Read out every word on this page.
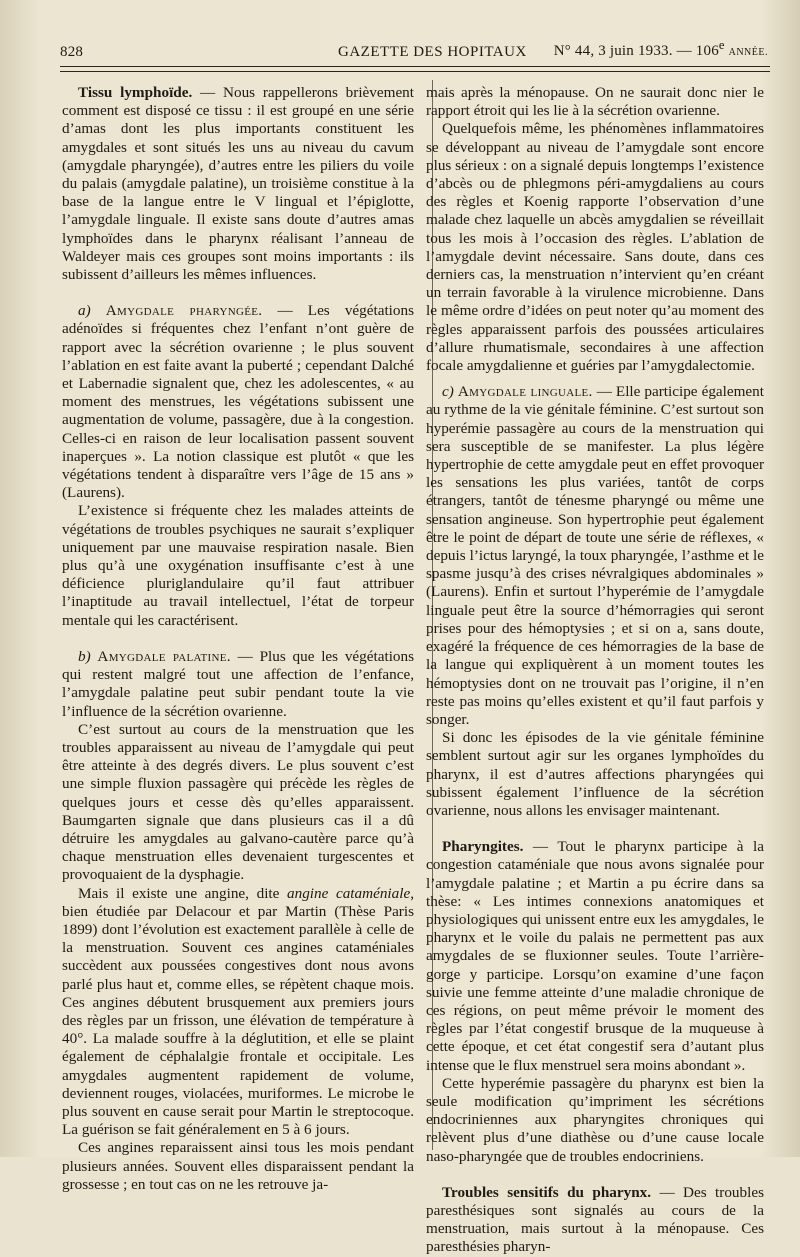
828	GAZETTE DES HOPITAUX N° 44, 3 juin 1933. — 106e ANNÉE.

Tissu lymphoïde. — Nous rappellerons brièvement comment est disposé ce tissu : il est groupé en une série d’amas dont les plus importants constituent les amygdales et sont situés les uns au niveau du cavum (amygdale pharyngée), d’autres entre les piliers du voile du palais (amygdale palatine), un troisième constitue à la base de la langue entre le V lingual et l’épiglotte, l’amygdale linguale. Il existe sans doute d’autres amas lymphoïdes dans le pharynx réalisant l’anneau de Waldeyer mais ces groupes sont moins importants : ils subissent d’ailleurs les mêmes influences.

a) Amygdale pharyngée. — Les végétations adénoïdes si fréquentes chez l’enfant n’ont guère de rapport avec la sécrétion ovarienne ; le plus souvent l’ablation en est faite avant la puberté ; cependant Dalché et Labernadie signalent que, chez les adolescentes, « au moment des menstrues, les végétations subissent une augmentation de volume, passagère, due à la congestion. Celles-ci en raison de leur localisation passent souvent inaperçues ». La notion classique est plutôt « que les végétations tendent à disparaître vers l’âge de 15 ans » (Laurens).

L’existence si fréquente chez les malades atteints de végétations de troubles psychiques ne saurait s’expliquer uniquement par une mauvaise respiration nasale. Bien plus qu’à une oxygénation insuffisante c’est à une déficience pluriglandulaire qu’il faut attribuer l’inaptitude au travail intellectuel, l’état de torpeur mentale qui les caractérisent.

b) Amygdale palatine. — Plus que les végétations qui restent malgré tout une affection de l’enfance, l’amygdale palatine peut subir pendant toute la vie l’influence de la sécrétion ovarienne.

C’est surtout au cours de la menstruation que les troubles apparaissent au niveau de l’amygdale qui peut être atteinte à des degrés divers. Le plus souvent c’est une simple fluxion passagère qui précède les règles de quelques jours et cesse dès qu’elles apparaissent. Baumgarten signale que dans plusieurs cas il a dû détruire les amygdales au galvano-cautère parce qu’à chaque menstruation elles devenaient turgescentes et provoquaient de la dysphagie.

Mais il existe une angine, dite angine cataméniale, bien étudiée par Delacour et par Martin (Thèse Paris 1899) dont l’évolution est exactement parallèle à celle de la menstruation. Souvent ces angines cataméniales succèdent aux poussées congestives dont nous avons parlé plus haut et, comme elles, se répètent chaque mois. Ces angines débutent brusquement aux premiers jours des règles par un frisson, une élévation de température à 40°. La malade souffre à la déglutition, et elle se plaint également de céphalalgie frontale et occipitale. Les amygdales augmentent rapidement de volume, deviennent rouges, violacées, muriformes. Le microbe le plus souvent en cause serait pour Martin le streptocoque. La guérison se fait généralement en 5 à 6 jours.

Ces angines reparaissent ainsi tous les mois pendant plusieurs années. Souvent elles disparaissent pendant la grossesse ; en tout cas on ne les retrouve ja-

mais après la ménopause. On ne saurait donc nier le rapport étroit qui les lie à la sécrétion ovarienne.

Quelquefois même, les phénomènes inflammatoires se développant au niveau de l’amygdale sont encore plus sérieux : on a signalé depuis longtemps l’existence d’abcès ou de phlegmons péri-amygdaliens au cours des règles et Koenig rapporte l’observation d’une malade chez laquelle un abcès amygdalien se réveillait tous les mois à l’occasion des règles. L’ablation de l’amygdale devint nécessaire. Sans doute, dans ces derniers cas, la menstruation n’intervient qu’en créant un terrain favorable à la virulence microbienne. Dans le même ordre d’idées on peut noter qu’au moment des règles apparaissent parfois des poussées articulaires d’allure rhumatismale, secondaires à une affection focale amygdalienne et guéries par l’amygdalectomie.

c) Amygdale linguale. — Elle participe également au rythme de la vie génitale féminine. C’est surtout son hyperémie passagère au cours de la menstruation qui sera susceptible de se manifester. La plus légère hypertrophie de cette amygdale peut en effet provoquer les sensations les plus variées, tantôt de corps étrangers, tantôt de ténesme pharyngé ou même une sensation angineuse. Son hypertrophie peut également être le point de départ de toute une série de réflexes, « depuis l’ictus laryngé, la toux pharyngée, l’asthme et le spasme jusqu’à des crises névralgiques abdominales » (Laurens). Enfin et surtout l’hyperémie de l’amygdale linguale peut être la source d’hémorragies qui seront prises pour des hémoptysies ; et si on a, sans doute, exagéré la fréquence de ces hémorragies de la base de la langue qui expliquèrent à un moment toutes les hémoptysies dont on ne trouvait pas l’origine, il n’en reste pas moins qu’elles existent et qu’il faut parfois y songer.

Si donc les épisodes de la vie génitale féminine semblent surtout agir sur les organes lymphoïdes du pharynx, il est d’autres affections pharyngées qui subissent également l’influence de la sécrétion ovarienne, nous allons les envisager maintenant.

Pharyngites. — Tout le pharynx participe à la congestion cataméniale que nous avons signalée pour l’amygdale palatine ; et Martin a pu écrire dans sa thèse: « Les intimes connexions anatomiques et physiologiques qui unissent entre eux les amygdales, le pharynx et le voile du palais ne permettent pas aux amygdales de se fluxionner seules. Toute l’arrière-gorge y participe. Lorsqu’on examine d’une façon suivie une femme atteinte d’une maladie chronique de ces régions, on peut même prévoir le moment des règles par l’état congestif brusque de la muqueuse à cette époque, et cet état congestif sera d’autant plus intense que le flux menstruel sera moins abondant ».

Cette hyperémie passagère du pharynx est bien la seule modification qu’impriment les sécrétions endocriniennes aux pharyngites chroniques qui relèvent plus d’une diathèse ou d’une cause locale naso-pharyngée que de troubles endocriniens.

Troubles sensitifs du pharynx. — Des troubles paresthésiques sont signalés au cours de la menstruation, mais surtout à la ménopause. Ces paresthésies pharyn-
